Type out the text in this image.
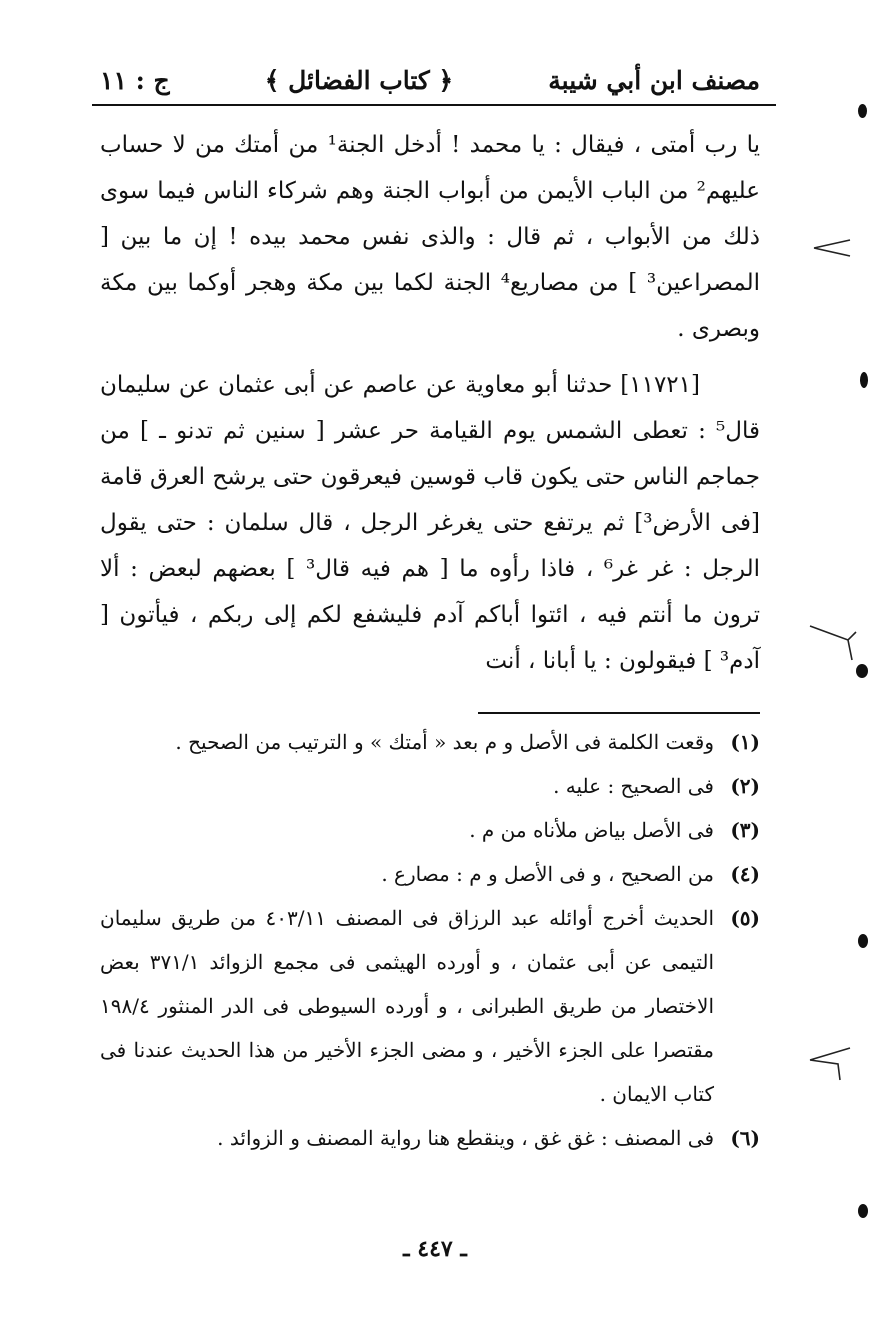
مصنف ابن أبي شيبة
﴿ كتاب الفضائل ﴾
ج : ١١

يا رب أمتى ، فيقال : يا محمد ! أدخل الجنة¹ من أمتك من لا حساب عليهم² من الباب الأيمن من أبواب الجنة وهم شركاء الناس فيما سوى ذلك من الأبواب ، ثم قال : والذى نفس محمد بيده ! إن ما بين [ المصراعين³ ] من مصاريع⁴ الجنة لكما بين مكة وهجر أوكما بين مكة وبصرى .

[١١٧٢١] حدثنا أبو معاوية عن عاصم عن أبى عثمان عن سليمان قال⁵ : تعطى الشمس يوم القيامة حر عشر [ سنين ثم تدنو ـ ] من جماجم الناس حتى يكون قاب قوسين فيعرقون حتى يرشح العرق قامة [فى الأرض³] ثم يرتفع حتى يغرغر الرجل ، قال سلمان : حتى يقول الرجل : غر غر⁶ ، فاذا رأوه ما [ هم فيه قال³ ] بعضهم لبعض : ألا ترون ما أنتم فيه ، ائتوا أباكم آدم فليشفع لكم إلى ربكم ، فيأتون [ آدم³ ] فيقولون : يا أبانا ، أنت

(١)
وقعت الكلمة فى الأصل و م بعد « أمتك » و الترتيب من الصحيح .
(٢)
فى الصحيح : عليه .
(٣)
فى الأصل بياض ملأناه من م .
(٤)
من الصحيح ، و فى الأصل و م : مصارع .
(٥)
الحديث أخرج أوائله عبد الرزاق فى المصنف ٤٠٣/١١ من طريق سليمان التيمى عن أبى عثمان ، و أورده الهيثمى فى مجمع الزوائد ٣٧١/١ بعض الاختصار من طريق الطبرانى ، و أورده السيوطى فى الدر المنثور ١٩٨/٤ مقتصرا على الجزء الأخير ، و مضى الجزء الأخير من هذا الحديث عندنا فى كتاب الايمان .
(٦)
فى المصنف : غق غق ، وينقطع هنا رواية المصنف و الزوائد .
ـ ٤٤٧ ـ
